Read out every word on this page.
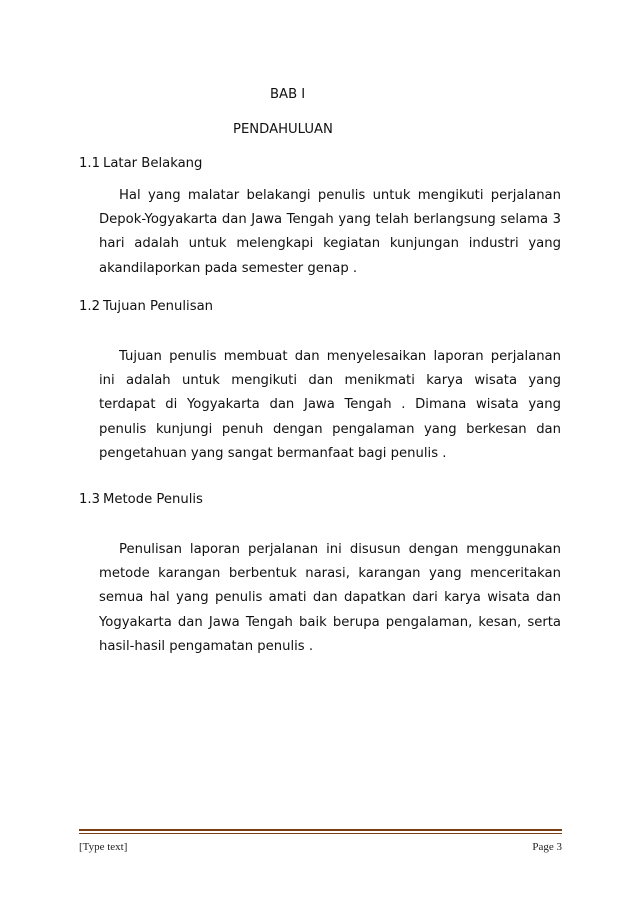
BAB I
PENDAHULUAN
1.1 Latar Belakang
Hal yang malatar belakangi penulis untuk mengikuti perjalanan Depok-Yogyakarta dan Jawa Tengah yang telah berlangsung selama 3 hari adalah untuk melengkapi kegiatan kunjungan industri yang akandilaporkan pada semester genap .
1.2 Tujuan Penulisan
Tujuan penulis membuat dan menyelesaikan laporan perjalanan ini adalah untuk mengikuti dan menikmati karya wisata yang terdapat di Yogyakarta dan Jawa Tengah . Dimana wisata yang penulis kunjungi penuh dengan pengalaman yang berkesan dan pengetahuan yang sangat bermanfaat bagi penulis .
1.3 Metode Penulis
Penulisan laporan perjalanan ini disusun dengan menggunakan metode karangan berbentuk narasi, karangan yang menceritakan semua hal yang penulis amati dan dapatkan dari karya wisata dan Yogyakarta dan Jawa Tengah baik berupa pengalaman, kesan, serta hasil-hasil pengamatan penulis .
[Type text]	Page 3
